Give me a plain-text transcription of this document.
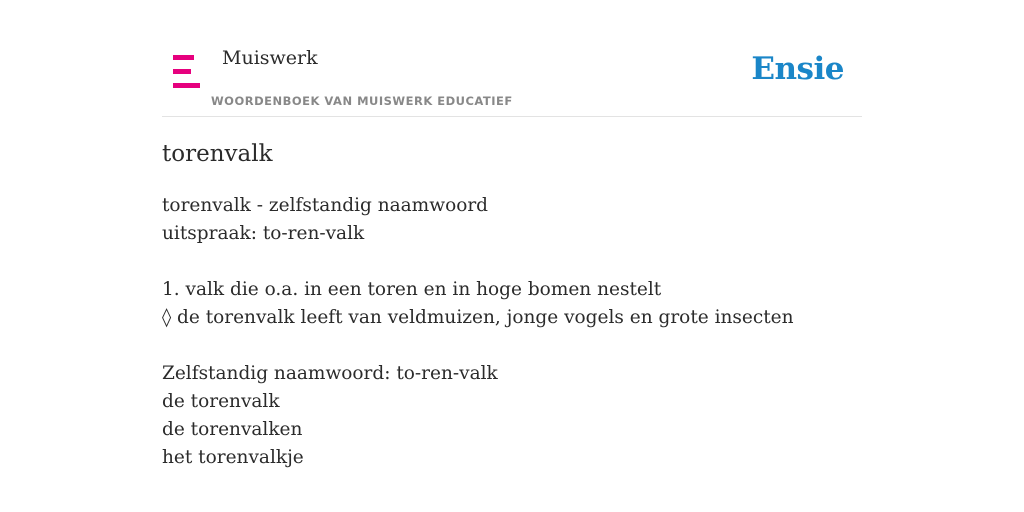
Muiswerk
WOORDENBOEK VAN MUISWERK EDUCATIEF
Ensie
torenvalk
torenvalk - zelfstandig naamwoord
uitspraak: to-ren-valk
1. valk die o.a. in een toren en in hoge bomen nestelt
◊ de torenvalk leeft van veldmuizen, jonge vogels en grote insecten
Zelfstandig naamwoord: to-ren-valk
de torenvalk
de torenvalken
het torenvalkje
